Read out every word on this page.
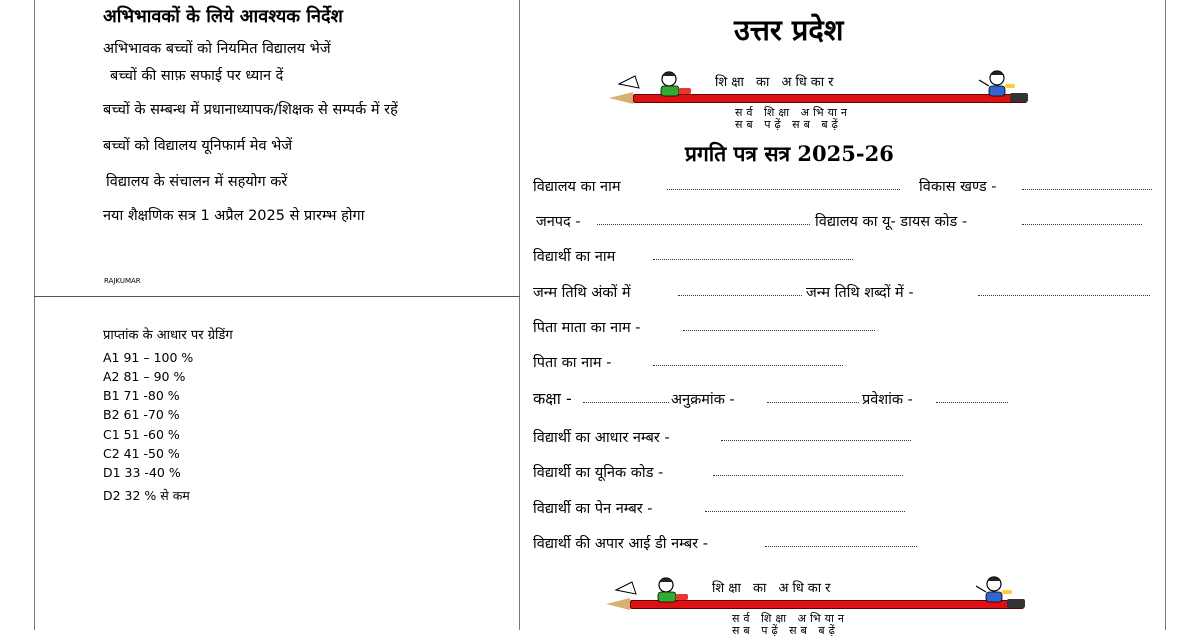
अभिभावकों के लिये आवश्यक निर्देश
अभिभावक बच्चों को नियमित विद्यालय भेजें
बच्चों की साफ़ सफाई पर ध्यान दें
बच्चों के सम्बन्ध में प्रधानाध्यापक/शिक्षक से सम्पर्क में रहें
बच्चों को विद्यालय यूनिफार्म मेव भेजें
विद्यालय के संचालन में सहयोग करें
नया शैक्षणिक सत्र 1 अप्रैल 2025 से प्रारम्भ होगा
RAJKUMAR
प्राप्तांक के आधार पर ग्रेडिंग
A1 91 – 100 %
A2 81 – 90 %
B1 71 -80 %
B2 61 -70 %
C1 51 -60 %
C2 41 -50 %
D1 33 -40 %
D2 32 % से कम
उत्तर प्रदेश
शिक्षा का अधिकार
सर्व शिक्षा अभियान
सब पढ़ें सब बढ़ें
प्रगति पत्र सत्र 2025-26
विद्यालय का नाम	विकास खण्ड -
जनपद -	विद्यालय का यू- डायस कोड -
विद्यार्थी का नाम
जन्म तिथि अंकों में	जन्म तिथि शब्दों में -
पिता माता का नाम -
पिता का नाम -
कक्षा -	अनुक्रमांक -	प्रवेशांक -
विद्यार्थी का आधार नम्बर -
विद्यार्थी का यूनिक कोड -
विद्यार्थी का पेन नम्बर -
विद्यार्थी की अपार आई डी नम्बर -
शिक्षा का अधिकार
सर्व शिक्षा अभियान
सब पढ़ें सब बढ़ें
